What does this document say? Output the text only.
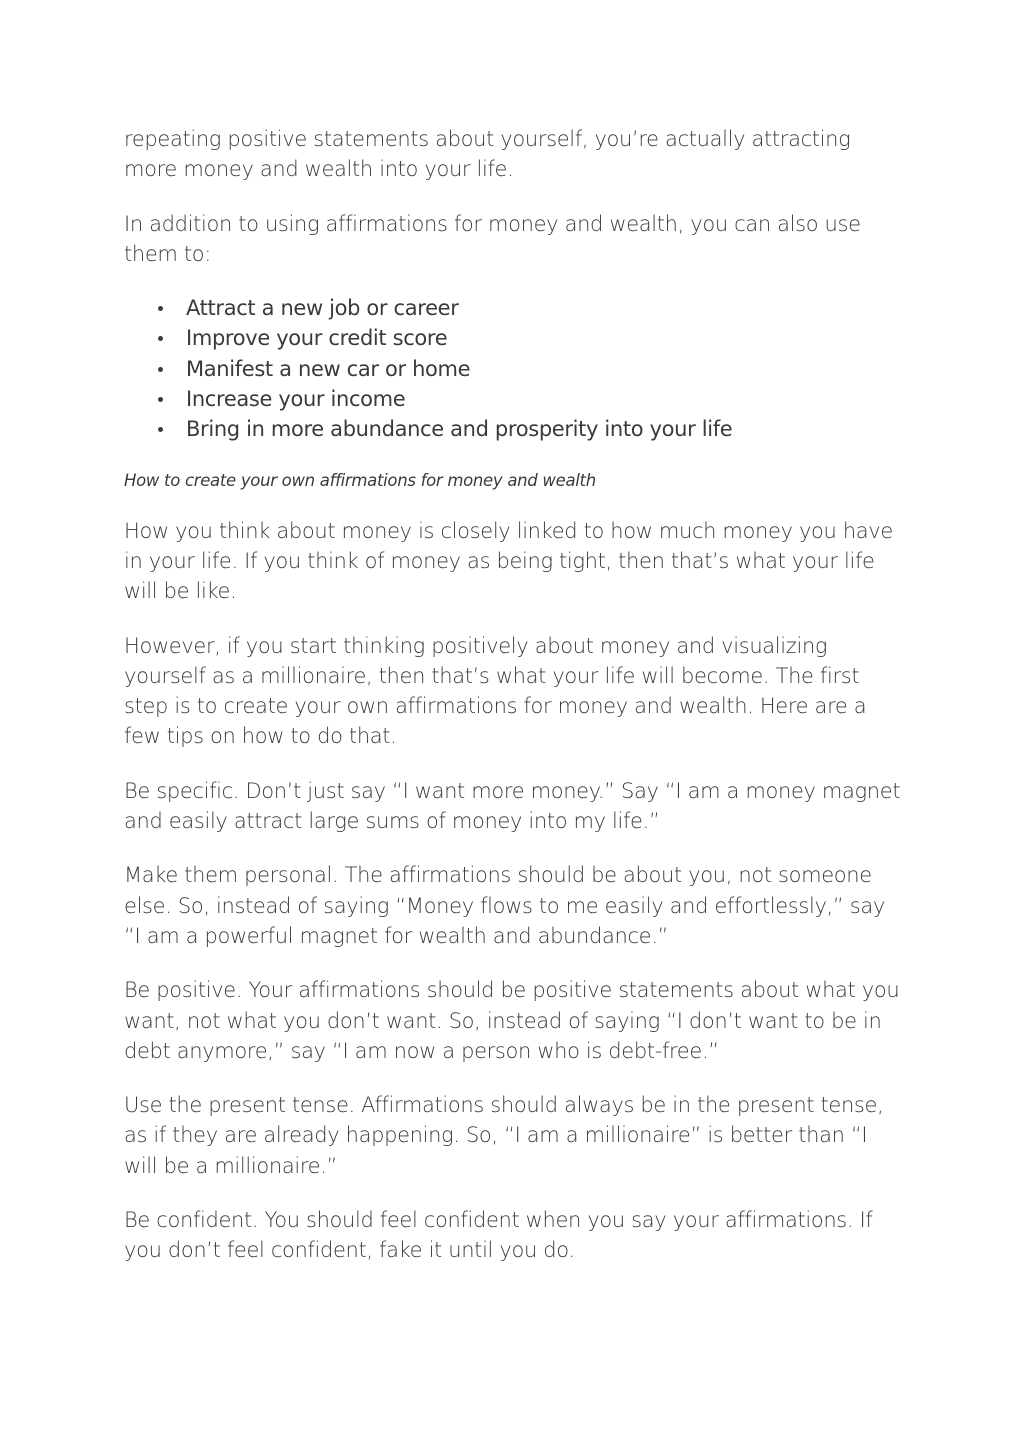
repeating positive statements about yourself, you’re actually attracting more money and wealth into your life.

In addition to using affirmations for money and wealth, you can also use them to:

Attract a new job or career
Improve your credit score
Manifest a new car or home
Increase your income
Bring in more abundance and prosperity into your life
How to create your own affirmations for money and wealth

How you think about money is closely linked to how much money you have in your life. If you think of money as being tight, then that’s what your life will be like.

However, if you start thinking positively about money and visualizing yourself as a millionaire, then that’s what your life will become. The first step is to create your own affirmations for money and wealth. Here are a few tips on how to do that.

Be specific. Don’t just say “I want more money.” Say “I am a money magnet and easily attract large sums of money into my life.”

Make them personal. The affirmations should be about you, not someone else. So, instead of saying “Money flows to me easily and effortlessly,” say “I am a powerful magnet for wealth and abundance.”

Be positive. Your affirmations should be positive statements about what you want, not what you don’t want. So, instead of saying “I don’t want to be in debt anymore,” say “I am now a person who is debt-free.”

Use the present tense. Affirmations should always be in the present tense, as if they are already happening. So, “I am a millionaire” is better than “I will be a millionaire.”

Be confident. You should feel confident when you say your affirmations. If you don’t feel confident, fake it until you do.
